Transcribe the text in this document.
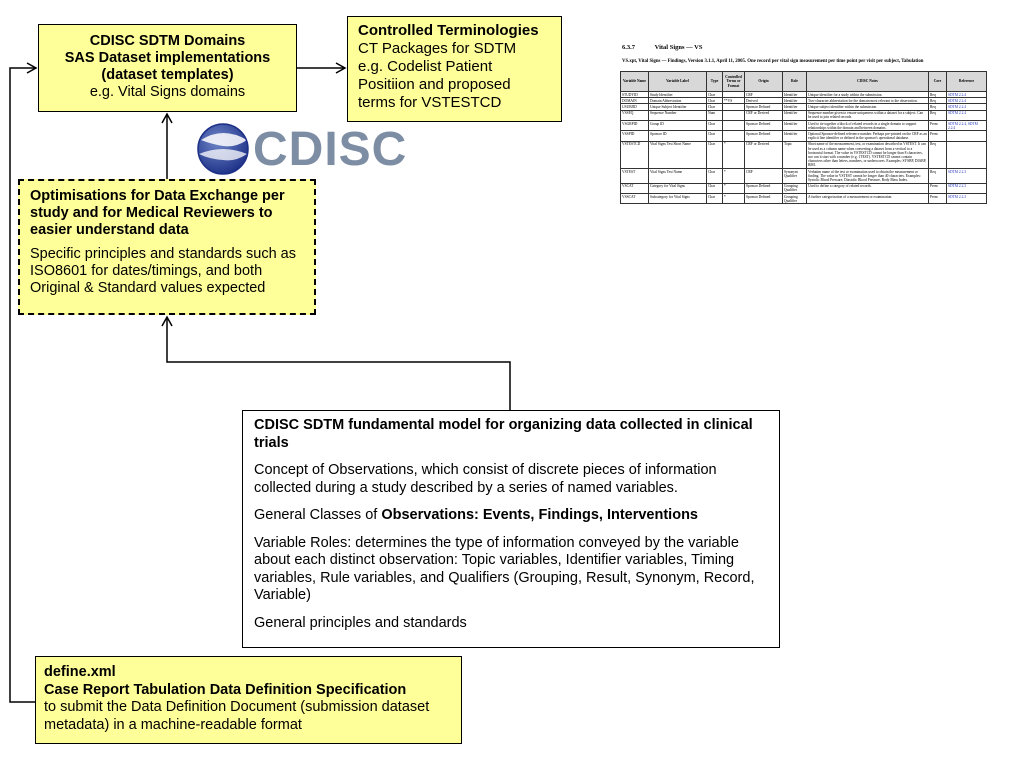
CDISC SDTM Domains

SAS Dataset implementations

(dataset templates)

e.g. Vital Signs domains

Controlled Terminologies

CT Packages for SDTM

e.g. Codelist Patient

Positiion and proposed

terms for VSTESTCD

CDISC
6.3.7	Vital Signs — VS
VS.xpt, Vital Signs — Findings, Version 3.1.1, April 11, 2005. One record per vital sign measurement per time point per visit per subject, Tabulation
Variable Name	Variable Label	Type	Controlled Terms or Format	Origin	Role	CDISC Notes	Core	Reference
STUDYID	Study Identifier	Char		CRF	Identifier	Unique identifier for a study within the submission.	Req	SDTM 2.2.4
DOMAIN	Domain Abbreviation	Char	**VS	Derived	Identifier	Two-character abbreviation for the domain most relevant to the observation.	Req	SDTM 2.2.4
USUBJID	Unique Subject Identifier	Char		Sponsor Defined	Identifier	Unique subject identifier within the submission.	Req	SDTM 2.2.4
VSSEQ	Sequence Number	Num		CRF or Derived	Identifier	Sequence number given to ensure uniqueness within a dataset for a subject. Can be used to join related records.	Req	SDTM 2.2.4
VSGRPID	Group ID	Char		Sponsor Defined	Identifier	Used to tie together a block of related records in a single domain to support relationships within the domain and between domains.	Perm	SDTM 2.2.4, SDTM 2.2.4
VSSPID	Sponsor ID	Char		Sponsor Defined	Identifier	Optional Sponsor-defined reference number. Perhaps pre-printed on the CRF as an explicit line identifier or defined in the sponsor's operational database.	Perm	
VSTESTCD	Vital Signs Test Short Name	Char	*	CRF or Derived	Topic	Short name of the measurement, test, or examination described in VSTEST. It can be used as a column name when converting a dataset from a vertical to a horizontal format. The value in VSTESTCD cannot be longer than 8 characters, nor can it start with a number (e.g. 1TEST). VSTESTCD cannot contain characters other than letters, numbers, or underscores. Examples: SYSBP, DIABP, BMI.	Req	
VSTEST	Vital Signs Test Name	Char	*	CRF	Synonym Qualifier	Verbatim name of the test or examination used to obtain the measurement or finding. The value in VSTEST cannot be longer than 40 characters. Examples: Systolic Blood Pressure, Diastolic Blood Pressure, Body Mass Index.	Req	SDTM 2.2.3
VSCAT	Category for Vital Signs	Char	*	Sponsor Defined	Grouping Qualifier	Used to define a category of related records.	Perm	SDTM 2.2.3
VSSCAT	Subcategory for Vital Signs	Char	*	Sponsor Defined	Grouping Qualifier	A further categorization of a measurement or examination.	Perm	SDTM 2.2.3

Optimisations for Data Exchange per study and for Medical Reviewers to easier understand data

Specific principles and standards such as ISO8601 for dates/timings, and both Original & Standard values expected

CDISC SDTM fundamental model for organizing data collected in clinical trials

Concept of Observations, which consist of discrete pieces of information collected during a study described by a series of named variables.

General Classes of Observations: Events, Findings, Interventions

Variable Roles: determines the type of information conveyed by the variable about each distinct observation: Topic variables, Identifier variables, Timing variables, Rule variables, and Qualifiers (Grouping, Result, Synonym, Record, Variable)

General principles and standards

define.xml

Case Report Tabulation Data Definition Specification

to submit the Data Definition Document (submission dataset metadata) in a machine-readable format
